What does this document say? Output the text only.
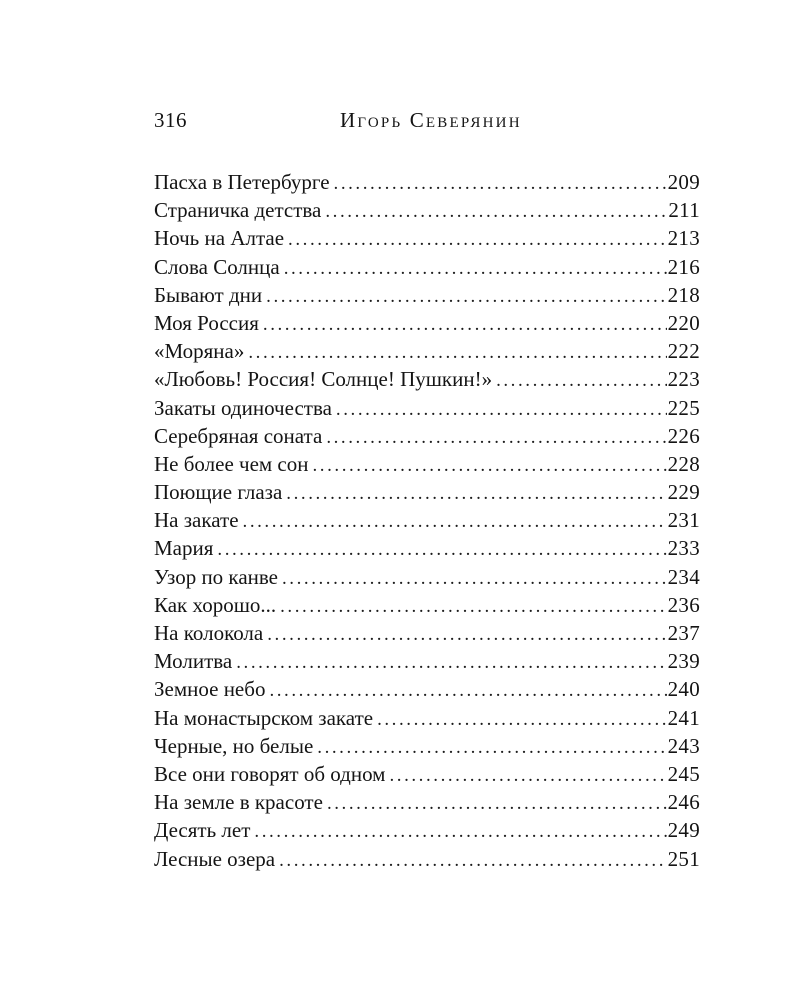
316	Игорь Северянин
Пасха в Петербурге . . .	209
Страничка детства . . .	211
Ночь на Алтае . . .	213
Слова Солнца . . .	216
Бывают дни . . .	218
Моя Россия . . .	220
«Моряна» . . .	222
«Любовь! Россия! Солнце! Пушкин!» . . .	223
Закаты одиночества . . .	225
Серебряная соната . . .	226
Не более чем сон . . .	228
Поющие глаза . . .	229
На закате . . .	231
Мария . . .	233
Узор по канве . . .	234
Как хорошо... . . .	236
На колокола . . .	237
Молитва . . .	239
Земное небо . . .	240
На монастырском закате . . .	241
Черные, но белые . . .	243
Все они говорят об одном . . .	245
На земле в красоте . . .	246
Десять лет . . .	249
Лесные озера . . .	251
